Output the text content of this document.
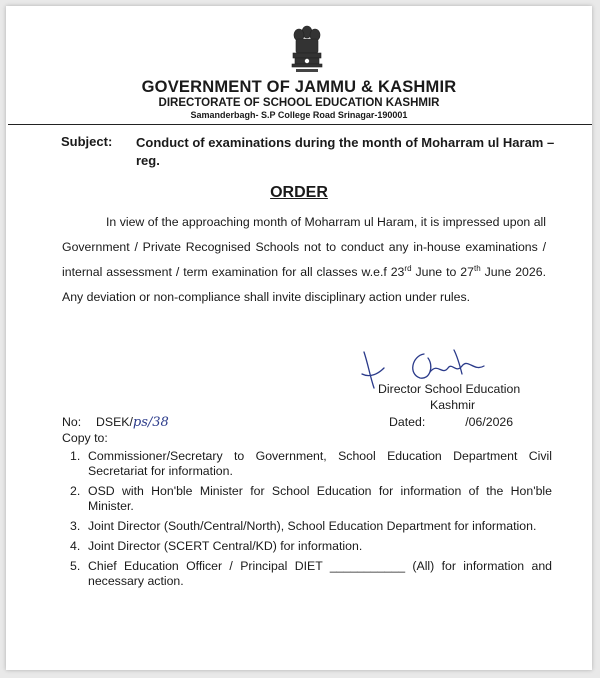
GOVERNMENT OF JAMMU & KASHMIR
DIRECTORATE OF SCHOOL EDUCATION KASHMIR
Samanderbagh- S.P College Road Srinagar-190001
Subject: Conduct of examinations during the month of Moharram ul Haram – reg.
ORDER
In view of the approaching month of Moharram ul Haram, it is impressed upon all Government / Private Recognised Schools not to conduct any in-house examinations / internal assessment / term examination for all classes w.e.f 23rd June to 27th June 2026. Any deviation or non-compliance shall invite disciplinary action under rules.
Director School Education
Kashmir
No: DSEK/ps/38	Dated:	/06/2026
Copy to:
1. Commissioner/Secretary to Government, School Education Department Civil Secretariat for information.
2. OSD with Hon'ble Minister for School Education for information of the Hon'ble Minister.
3. Joint Director (South/Central/North), School Education Department for information.
4. Joint Director (SCERT Central/KD) for information.
5. Chief Education Officer / Principal DIET ___________ (All) for information and necessary action.
